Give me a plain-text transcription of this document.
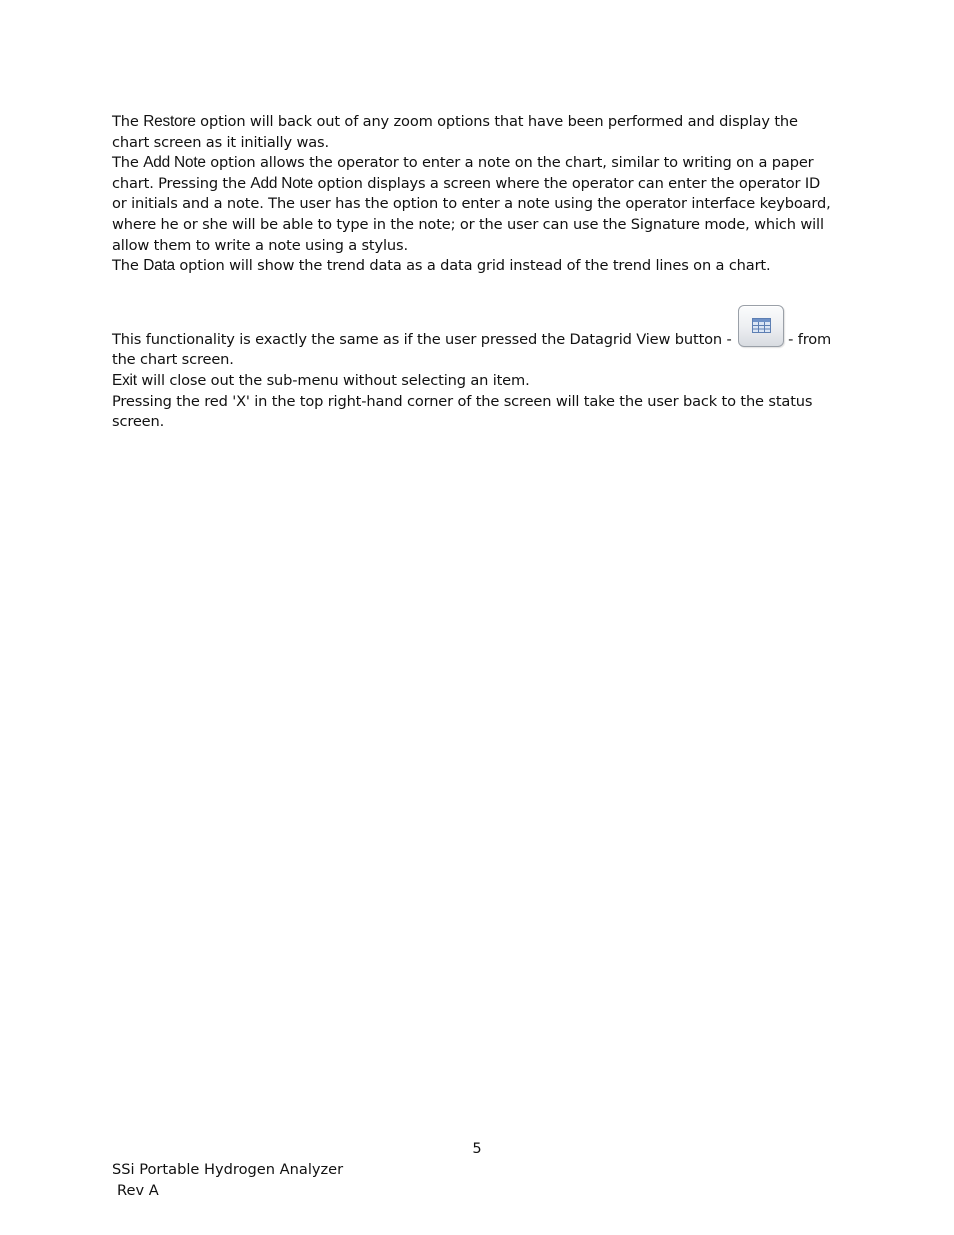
The Restore option will back out of any zoom options that have been performed and display the chart screen as it initially was.

The Add Note option allows the operator to enter a note on the chart, similar to writing on a paper chart. Pressing the Add Note option displays a screen where the operator can enter the operator ID or initials and a note. The user has the option to enter a note using the operator interface keyboard, where he or she will be able to type in the note; or the user can use the Signature mode, which will allow them to write a note using a stylus.

The Data option will show the trend data as a data grid instead of the trend lines on a chart.

This functionality is exactly the same as if the user pressed the Datagrid View button -	- from the chart screen.

Exit will close out the sub-menu without selecting an item.

Pressing the red 'X' in the top right-hand corner of the screen will take the user back to the status screen.

5
SSi Portable Hydrogen Analyzer
Rev A
